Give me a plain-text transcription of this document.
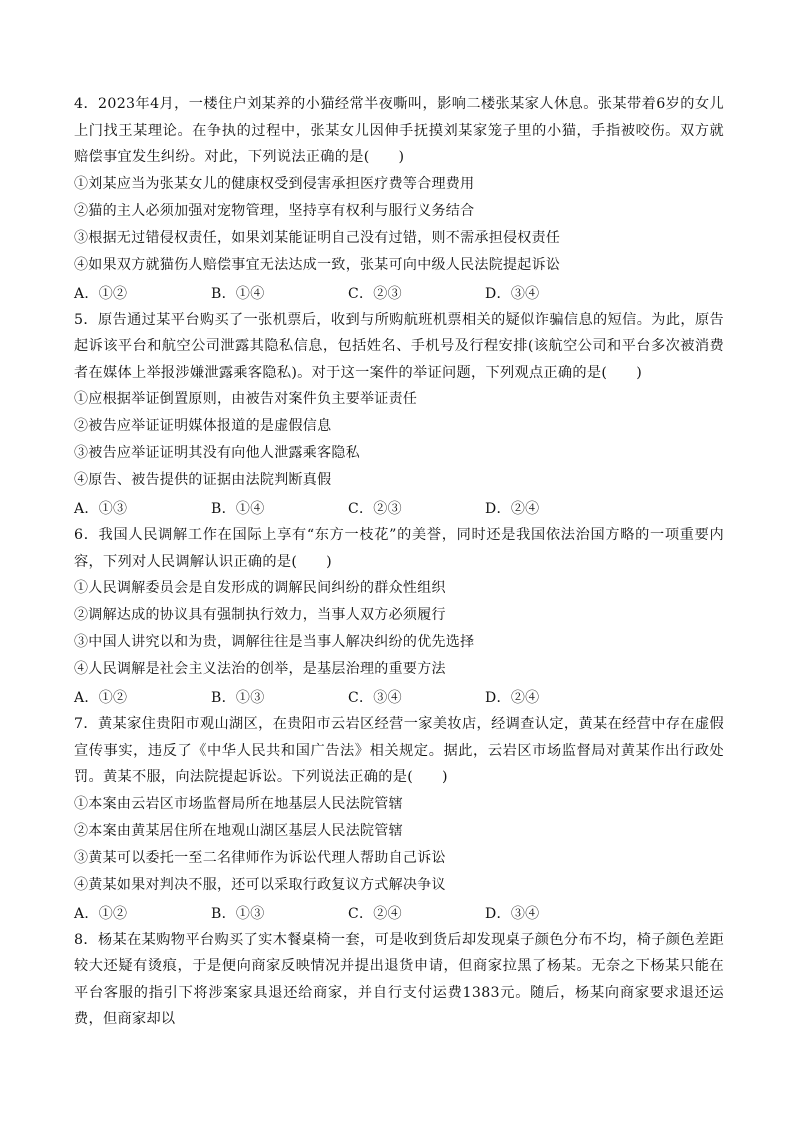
4．2023年4月，一楼住户刘某养的小猫经常半夜嘶叫，影响二楼张某家人休息。张某带着6岁的女儿上门找王某理论。在争执的过程中，张某女儿因伸手抚摸刘某家笼子里的小猫，手指被咬伤。双方就赔偿事宜发生纠纷。对此，下列说法正确的是(　　)

①刘某应当为张某女儿的健康权受到侵害承担医疗费等合理费用

②猫的主人必须加强对宠物管理，坚持享有权利与服行义务结合

③根据无过错侵权责任，如果刘某能证明自己没有过错，则不需承担侵权责任

④如果双方就猫伤人赔偿事宜无法达成一致，张某可向中级人民法院提起诉讼

A．①②	B．①④	C．②③	D．③④

5．原告通过某平台购买了一张机票后，收到与所购航班机票相关的疑似诈骗信息的短信。为此，原告起诉该平台和航空公司泄露其隐私信息，包括姓名、手机号及行程安排(该航空公司和平台多次被消费者在媒体上举报涉嫌泄露乘客隐私)。对于这一案件的举证问题，下列观点正确的是(　　)

①应根据举证倒置原则，由被告对案件负主要举证责任

②被告应举证证明媒体报道的是虚假信息

③被告应举证证明其没有向他人泄露乘客隐私

④原告、被告提供的证据由法院判断真假

A．①③	B．①④	C．②③	D．②④

6．我国人民调解工作在国际上享有“东方一枝花”的美誉，同时还是我国依法治国方略的一项重要内容，下列对人民调解认识正确的是(　　)

①人民调解委员会是自发形成的调解民间纠纷的群众性组织

②调解达成的协议具有强制执行效力，当事人双方必须履行

③中国人讲究以和为贵，调解往往是当事人解决纠纷的优先选择

④人民调解是社会主义法治的创举，是基层治理的重要方法

A．①②	B．①③	C．③④	D．②④

7．黄某家住贵阳市观山湖区，在贵阳市云岩区经营一家美妆店，经调查认定，黄某在经营中存在虚假宣传事实，违反了《中华人民共和国广告法》相关规定。据此，云岩区市场监督局对黄某作出行政处罚。黄某不服，向法院提起诉讼。下列说法正确的是(　　)

①本案由云岩区市场监督局所在地基层人民法院管辖

②本案由黄某居住所在地观山湖区基层人民法院管辖

③黄某可以委托一至二名律师作为诉讼代理人帮助自己诉讼

④黄某如果对判决不服，还可以采取行政复议方式解决争议

A．①②	B．①③	C．②④	D．③④

8．杨某在某购物平台购买了实木餐桌椅一套，可是收到货后却发现桌子颜色分布不均，椅子颜色差距较大还疑有烫痕，于是便向商家反映情况并提出退货申请，但商家拉黑了杨某。无奈之下杨某只能在平台客服的指引下将涉案家具退还给商家，并自行支付运费1383元。随后，杨某向商家要求退还运费，但商家却以
